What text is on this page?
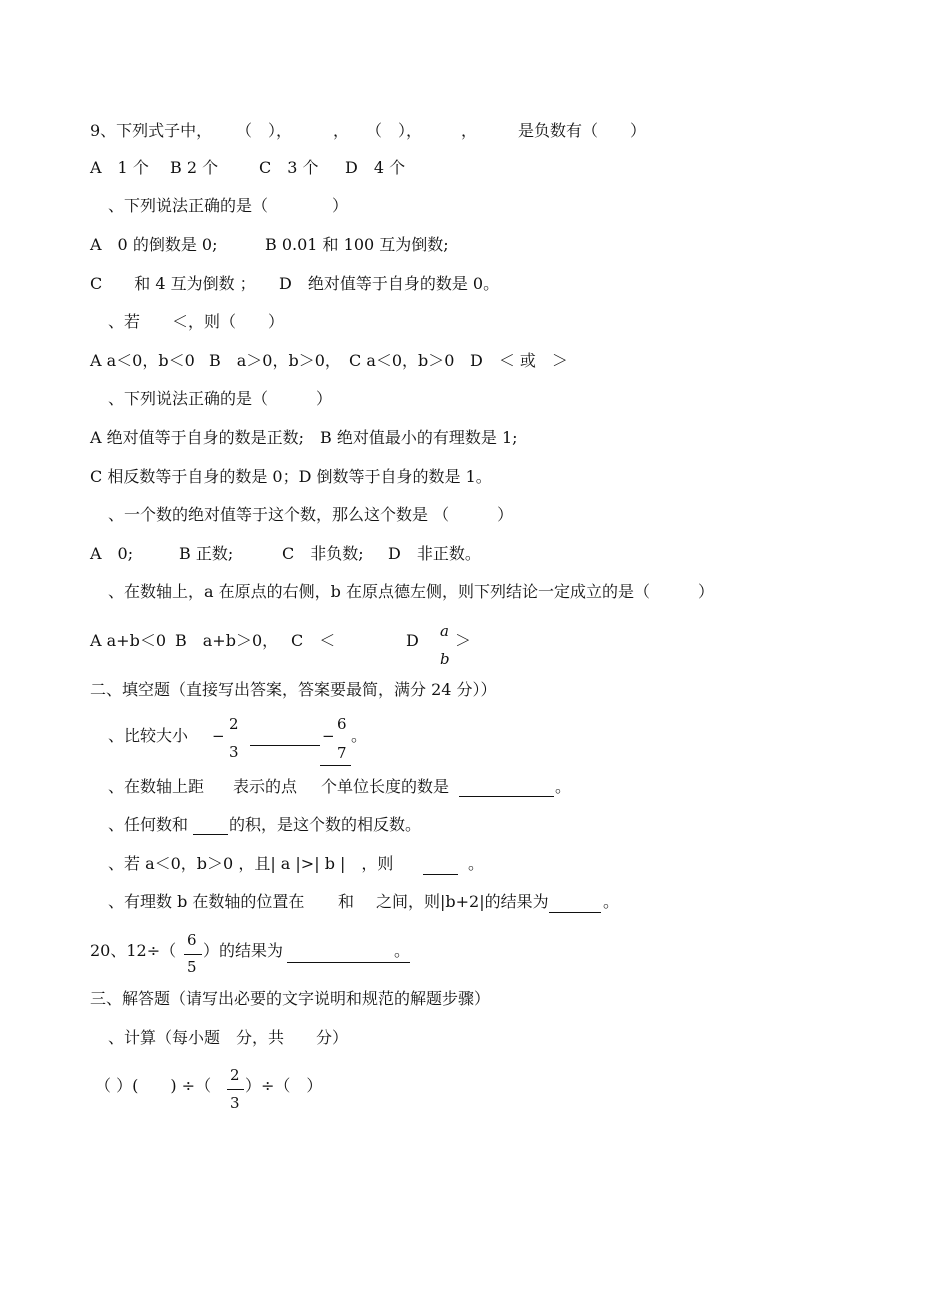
9、下列式子中， （　），	， （　）， ，	是负数有（　　）
A　1 个 B 2 个	C　3 个 D　4 个
、下列说法正确的是（　　　　）
A　0 的倒数是 0;	B 0.01 和 100 互为倒数;
C　　和 4 互为倒数 ； D　绝对值等于自身的数是 0。
、若　　＜，则（　　）
A a＜0，b＜0 B　a＞0，b＞0， C a＜0，b＞0 D　＜ 或　＞
、下列说法正确的是（　　　）
A 绝对值等于自身的数是正数;　B 绝对值最小的有理数是 1;
C 相反数等于自身的数是 0；D 倒数等于自身的数是 1。
、一个数的绝对值等于这个数，那么这个数是 （　　　）
A　0;	B 正数;	C　非负数; D　非正数。
、在数轴上，a 在原点的右侧，b 在原点德左侧，则下列结论一定成立的是（　　　）
A a+b＜0 B　a+b＞0， C　＜	D a
b
＞
二、填空题（直接写出答案，答案要最简，满分 24 分））
、比较大小 −
2
3
−
6
7
。
、在数轴上距 表示的点 个单位长度的数是	。
、任何数和	的积，是这个数的相反数。
、若 a＜0，b＞0 ，且| a |>| b |　，则	。
、有理数 b 在数轴的位置在 和 之间，则|b+2|的结果为	。
20、12÷（
6
5
）的结果为	。
三、解答题（请写出必要的文字说明和规范的解题步骤）
、计算（每小题　分，共　　分）
（ ）(　　) ÷（
2
3
）÷（　）
